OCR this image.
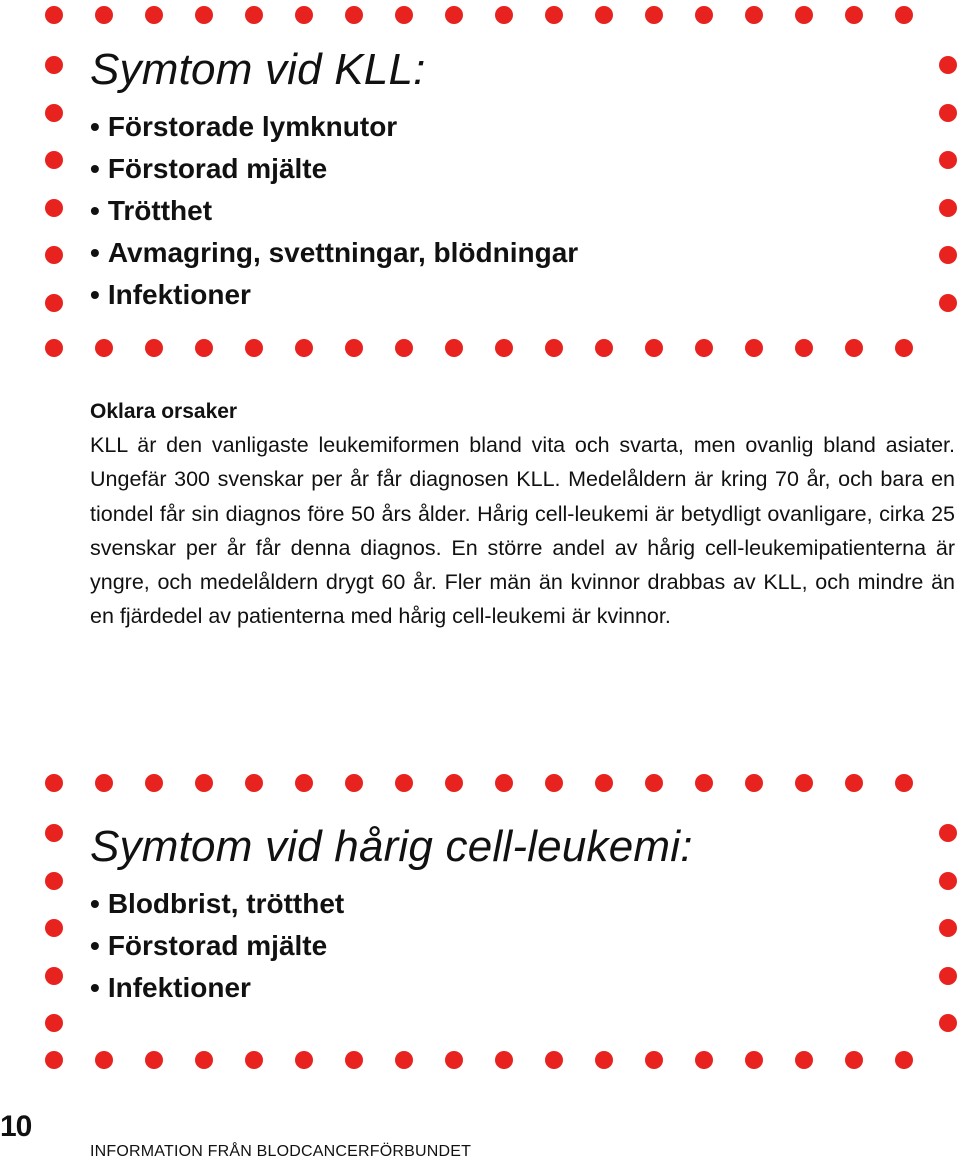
Symtom vid KLL:
• Förstorade lymknutor
• Förstorad mjälte
• Trötthet
• Avmagring, svettningar, blödningar
• Infektioner
Oklara orsaker

KLL är den vanligaste leukemiformen bland vita och svarta, men ovanlig bland asiater. Ungefär 300 svenskar per år får diagnosen KLL. Medelåldern är kring 70 år, och bara en tiondel får sin diagnos före 50 års ålder. Hårig cell-leukemi är betydligt ovanligare, cirka 25 svenskar per år får denna diagnos. En större andel av hårig cell-leukemipatienterna är yngre, och medelåldern drygt 60 år. Fler män än kvinnor drabbas av KLL, och mindre än en fjärdedel av patienterna med hårig cell-leukemi är kvinnor.

Symtom vid hårig cell-leukemi:
• Blodbrist, trötthet
• Förstorad mjälte
• Infektioner
10
INFORMATION FRÅN BLODCANCERFÖRBUNDET
